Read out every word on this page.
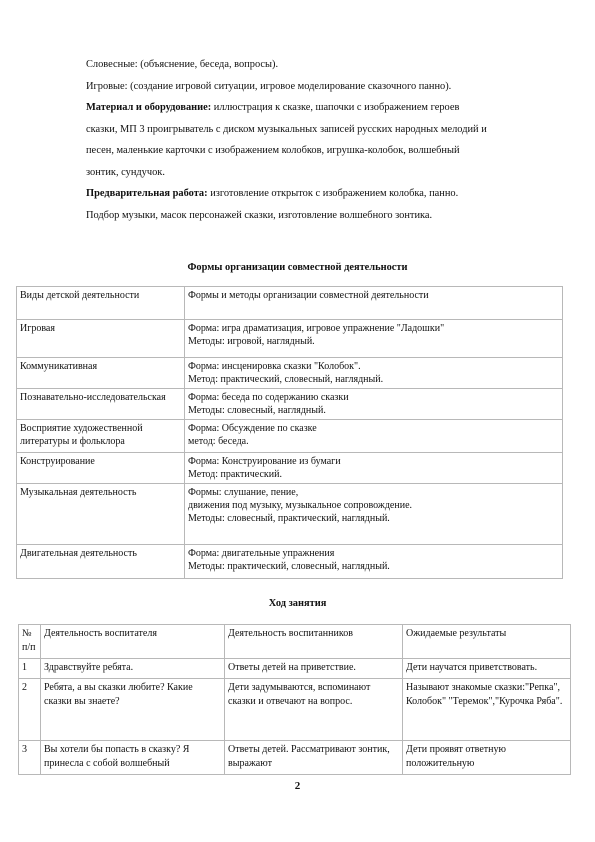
Словесные: (объяснение, беседа, вопросы).

Игровые: (создание игровой ситуации, игровое моделирование сказочного панно).

Материал и оборудование: иллюстрация к сказке, шапочки с изображением героев

сказки, МП 3 проигрыватель с диском музыкальных записей русских народных мелодий и

песен, маленькие карточки с изображением колобков, игрушка-колобок, волшебный

зонтик, сундучок.

Предварительная работа: изготовление открыток с изображением колобка, панно.

Подбор музыки, масок персонажей сказки, изготовление волшебного зонтика.

Формы организации совместной деятельности
Виды детской деятельности	Формы и методы организации совместной деятельности
Игровая	Форма: игра драматизация, игровое упражнение "Ладошки"
Методы: игровой, наглядный.

Коммуникативная	Форма: инсценировка сказки "Колобок".
Метод: практический, словесный, наглядный.

Познавательно-исследовательская	Форма: беседа по содержанию сказки
Методы: словесный, наглядный.

Восприятие художественной литературы и фольклора	Форма: Обсуждение по сказке
метод: беседа.

Конструирование	Форма: Конструирование из бумаги
Метод: практический.

Музыкальная деятельность	Формы: слушание, пение,
движения под музыку, музыкальное сопровождение.
Методы: словесный, практический, наглядный.

Двигательная деятельность	Форма: двигательные упражнения
Методы: практический, словесный, наглядный.
Ход занятия
№ п/п	Деятельность воспитателя	Деятельность воспитанников	Ожидаемые результаты
1	Здравствуйте ребята.	Ответы детей на приветствие.	Дети научатся приветствовать.
2	Ребята, а вы сказки любите? Какие сказки вы знаете?	Дети задумываются, вспоминают сказки и отвечают на вопрос.	Называют знакомые сказки:"Репка", Колобок" "Теремок","Курочка Ряба".
3	Вы хотели бы попасть в сказку? Я принесла с собой волшебный	Ответы детей. Рассматривают зонтик, выражают	Дети проявят ответную положительную
2
